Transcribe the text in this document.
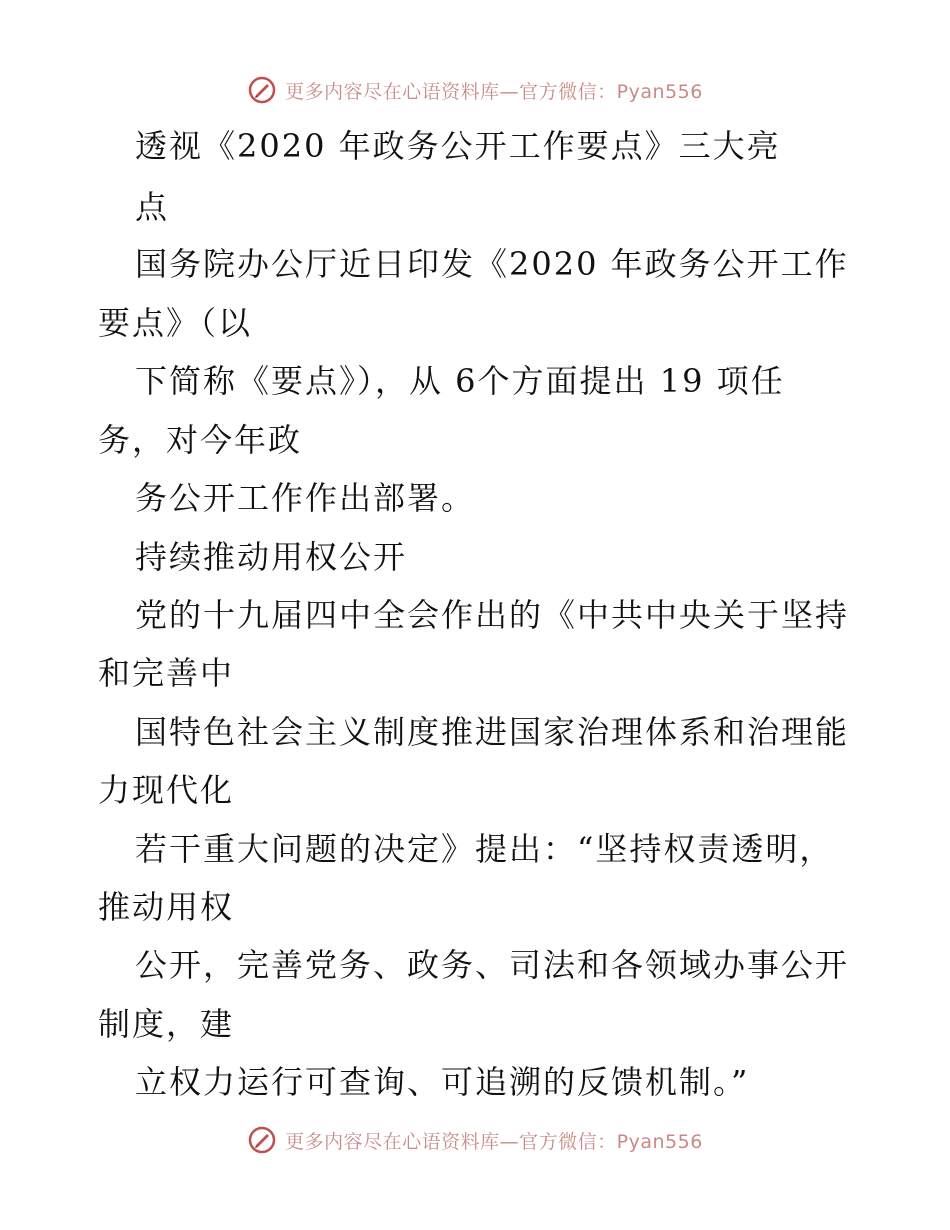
更多内容尽在心语资料库—官方微信：Pyan556
透视《2020 年政务公开工作要点》三大亮
点
国务院办公厅近日印发《2020 年政务公开工作
要点》（以
下简称《要点》），从 6个方面提出 19 项任
务，对今年政
务公开工作作出部署。
持续推动用权公开
党的十九届四中全会作出的《中共中央关于坚持
和完善中
国特色社会主义制度推进国家治理体系和治理能
力现代化
若干重大问题的决定》提出：“坚持权责透明，
推动用权
公开，完善党务、政务、司法和各领域办事公开
制度，建
立权力运行可查询、可追溯的反馈机制。”
更多内容尽在心语资料库—官方微信：Pyan556
